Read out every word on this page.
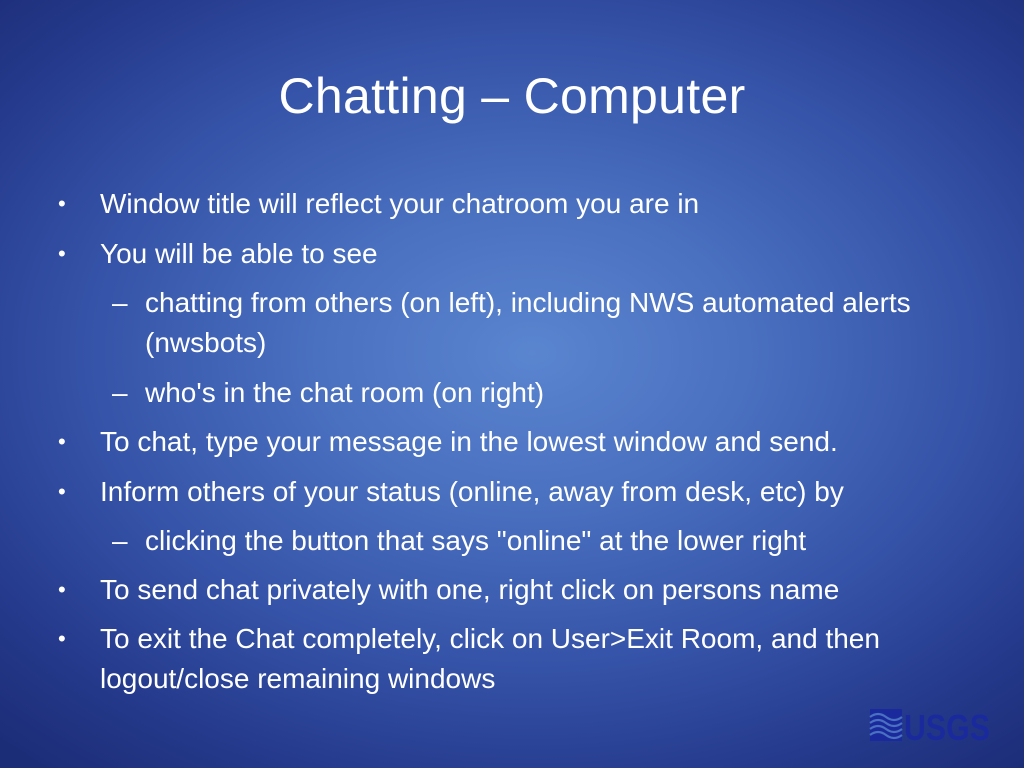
Chatting – Computer
• Window title will reflect your chatroom you are in
• You will be able to see
– chatting from others (on left), including NWS automated alerts (nwsbots)
– who's in the chat room (on right)
• To chat, type your message in the lowest window and send.
• Inform others of your status (online, away from desk, etc) by
– clicking the button that says "online" at the lower right
• To send chat privately with one, right click on persons name
• To exit the Chat completely, click on User>Exit Room, and then logout/close remaining windows
USGS
